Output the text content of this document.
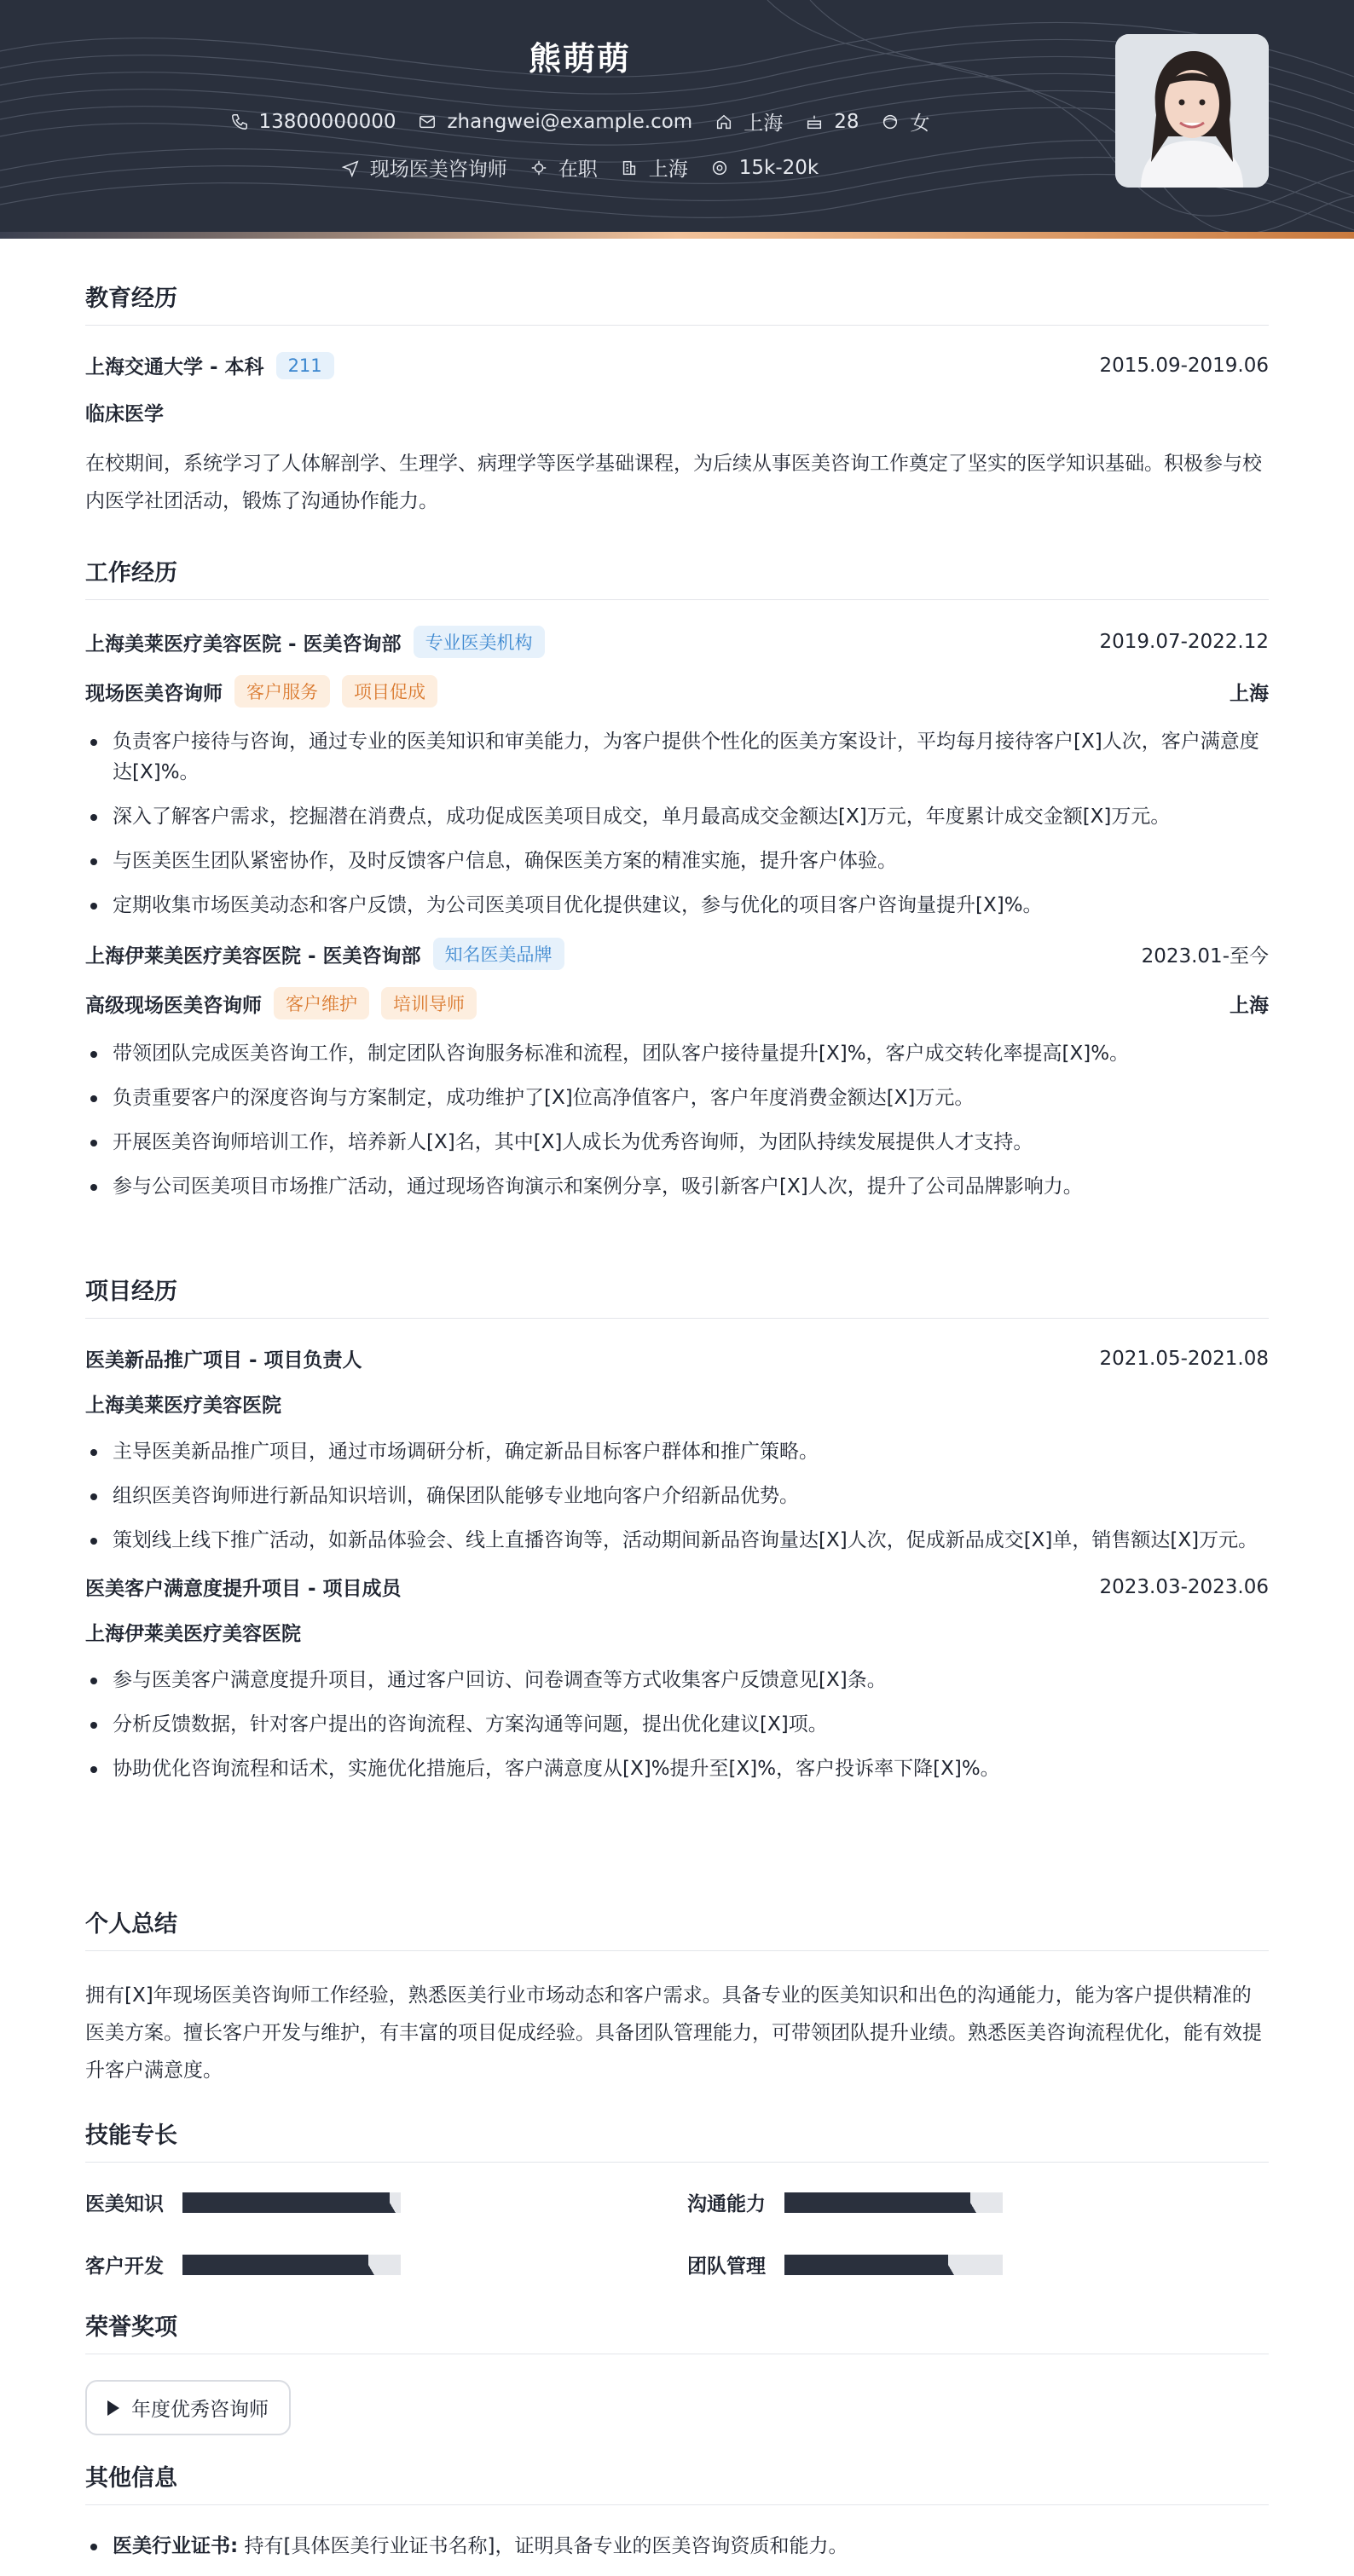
熊萌萌
13800000000	zhangwei@example.com	上海	28	女
现场医美咨询师	在职	上海	15k-20k
教育经历
上海交通大学 - 本科	211	2015.09-2019.06
临床医学

在校期间，系统学习了人体解剖学、生理学、病理学等医学基础课程，为后续从事医美咨询工作奠定了坚实的医学知识基础。积极参与校内医学社团活动，锻炼了沟通协作能力。

工作经历
上海美莱医疗美容医院 - 医美咨询部	专业医美机构	2019.07-2022.12
现场医美咨询师	客户服务	项目促成	上海
负责客户接待与咨询，通过专业的医美知识和审美能力，为客户提供个性化的医美方案设计，平均每月接待客户[X]人次，客户满意度达[X]%。
深入了解客户需求，挖掘潜在消费点，成功促成医美项目成交，单月最高成交金额达[X]万元，年度累计成交金额[X]万元。
与医美医生团队紧密协作，及时反馈客户信息，确保医美方案的精准实施，提升客户体验。
定期收集市场医美动态和客户反馈，为公司医美项目优化提供建议，参与优化的项目客户咨询量提升[X]%。
上海伊莱美医疗美容医院 - 医美咨询部	知名医美品牌	2023.01-至今
高级现场医美咨询师	客户维护	培训导师	上海
带领团队完成医美咨询工作，制定团队咨询服务标准和流程，团队客户接待量提升[X]%，客户成交转化率提高[X]%。
负责重要客户的深度咨询与方案制定，成功维护了[X]位高净值客户，客户年度消费金额达[X]万元。
开展医美咨询师培训工作，培养新人[X]名，其中[X]人成长为优秀咨询师，为团队持续发展提供人才支持。
参与公司医美项目市场推广活动，通过现场咨询演示和案例分享，吸引新客户[X]人次，提升了公司品牌影响力。
项目经历
医美新品推广项目 - 项目负责人	2021.05-2021.08
上海美莱医疗美容医院
主导医美新品推广项目，通过市场调研分析，确定新品目标客户群体和推广策略。
组织医美咨询师进行新品知识培训，确保团队能够专业地向客户介绍新品优势。
策划线上线下推广活动，如新品体验会、线上直播咨询等，活动期间新品咨询量达[X]人次，促成新品成交[X]单，销售额达[X]万元。
医美客户满意度提升项目 - 项目成员	2023.03-2023.06
上海伊莱美医疗美容医院
参与医美客户满意度提升项目，通过客户回访、问卷调查等方式收集客户反馈意见[X]条。
分析反馈数据，针对客户提出的咨询流程、方案沟通等问题，提出优化建议[X]项。
协助优化咨询流程和话术，实施优化措施后，客户满意度从[X]%提升至[X]%，客户投诉率下降[X]%。
个人总结

拥有[X]年现场医美咨询师工作经验，熟悉医美行业市场动态和客户需求。具备专业的医美知识和出色的沟通能力，能为客户提供精准的医美方案。擅长客户开发与维护，有丰富的项目促成经验。具备团队管理能力，可带领团队提升业绩。熟悉医美咨询流程优化，能有效提升客户满意度。

技能专长
医美知识	沟通能力
客户开发	团队管理
荣誉奖项
年度优秀咨询师
其他信息
医美行业证书: 持有[具体医美行业证书名称]，证明具备专业的医美咨询资质和能力。
